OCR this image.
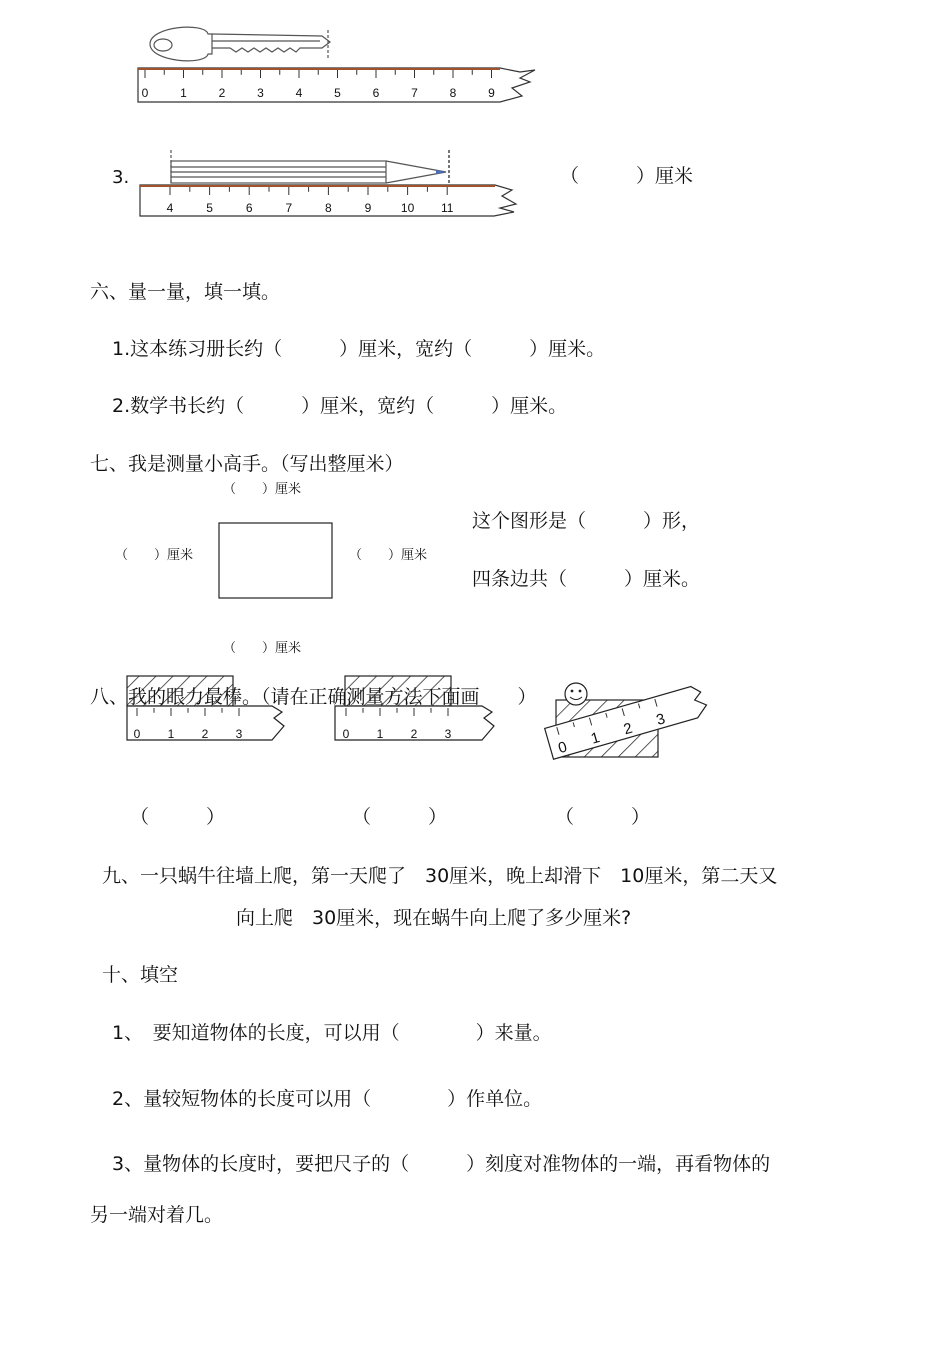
0	1	2	3	4	5	6	7	8	9
4	5	6	7	8	9 10 11
0 1 2 3	0 1 2 3
0
1
2
3
3.	（　　　）厘米
六、量一量，填一填。
1.这本练习册长约（　　　）厘米，宽约（　　　）厘米。
2.数学书长约（　　　）厘米，宽约（　　　）厘米。
七、我是测量小高手。（写出整厘米）
（　　）厘米
（　　）厘米	（　　）厘米
（　　）厘米
这个图形是（　　　）形，
四条边共（　　　）厘米。
八、我的眼力最棒。（请在正确测量方法下面画　　）
（　　　）	（　　　）	（　　　）
九、一只蜗牛往墙上爬，第一天爬了　30厘米，晚上却滑下　10厘米，第二天又
向上爬　30厘米，现在蜗牛向上爬了多少厘米?
十、填空
1、　要知道物体的长度，可以用（　　　　）来量。
2、量较短物体的长度可以用（　　　　）作单位。
3、量物体的长度时，要把尺子的（　　　）刻度对准物体的一端，再看物体的
另一端对着几。
